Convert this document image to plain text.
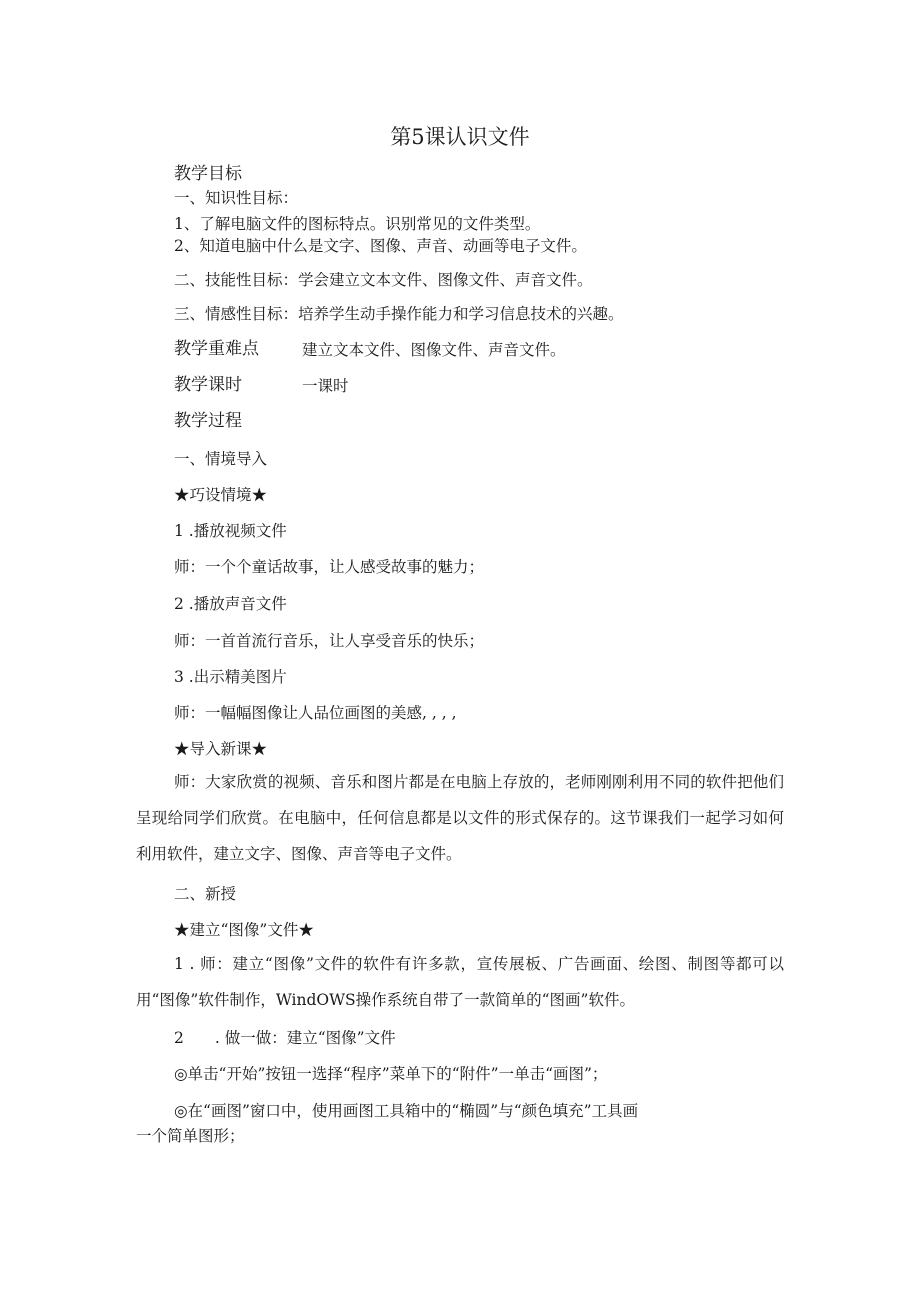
第5课认识文件
教学目标
一、知识性目标：
1、了解电脑文件的图标特点。识别常见的文件类型。
2、知道电脑中什么是文字、图像、声音、动画等电子文件。
二、技能性目标：学会建立文本文件、图像文件、声音文件。
三、情感性目标：培养学生动手操作能力和学习信息技术的兴趣。
教学重难点	建立文本文件、图像文件、声音文件。
教学课时	一课时
教学过程
一、情境导入
★巧设情境★
1 .播放视频文件
师：一个个童话故事，让人感受故事的魅力；
2 .播放声音文件
师：一首首流行音乐，让人享受音乐的快乐；
3 .出示精美图片
师：一幅幅图像让人品位画图的美感, , , ,
★导入新课★
师：大家欣赏的视频、音乐和图片都是在电脑上存放的，老师刚刚利用不同的软件把他们呈现给同学们欣赏。在电脑中，任何信息都是以文件的形式保存的。这节课我们一起学习如何利用软件，建立文字、图像、声音等电子文件。
二、新授
★建立“图像”文件★
1 . 师：建立“图像”文件的软件有许多款，宣传展板、广告画面、绘图、制图等都可以用“图像”软件制作，WindOWS操作系统自带了一款简单的“图画”软件。
2　　. 做一做：建立“图像”文件
◎单击“开始”按钮一选择“程序”菜单下的“附件”一单击“画图”；
◎在“画图”窗口中，使用画图工具箱中的“椭圆”与“颜色填充”工具画
一个简单图形；
